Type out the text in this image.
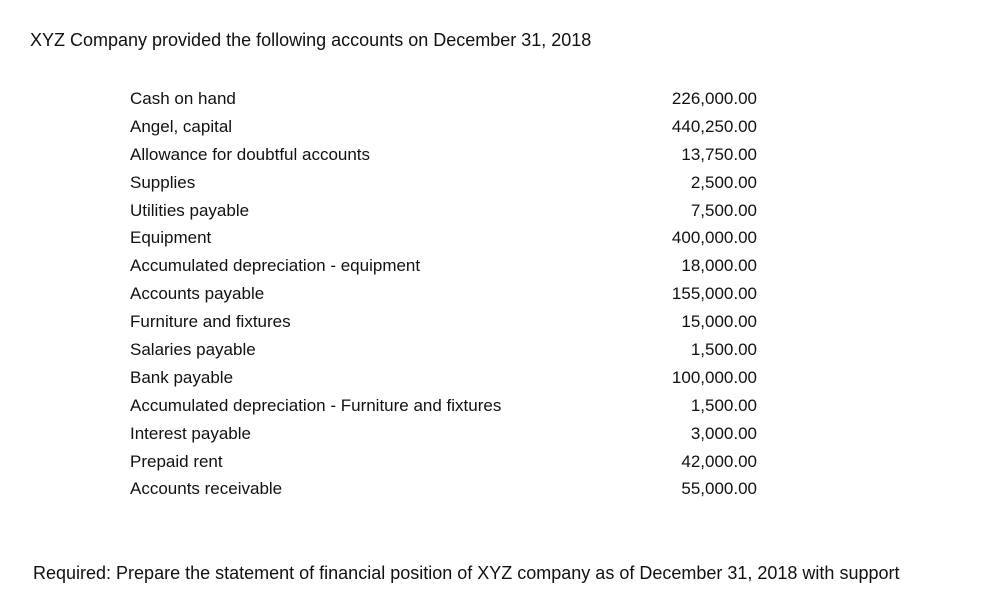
XYZ Company provided the following accounts on December 31, 2018
Cash on hand	226,000.00
Angel, capital	440,250.00
Allowance for doubtful accounts	13,750.00
Supplies	2,500.00
Utilities payable	7,500.00
Equipment	400,000.00
Accumulated depreciation - equipment	18,000.00
Accounts payable	155,000.00
Furniture and fixtures	15,000.00
Salaries payable	1,500.00
Bank payable	100,000.00
Accumulated depreciation - Furniture and fixtures	1,500.00
Interest payable	3,000.00
Prepaid rent	42,000.00
Accounts receivable	55,000.00
Required: Prepare the statement of financial position of XYZ company as of December 31, 2018 with support
